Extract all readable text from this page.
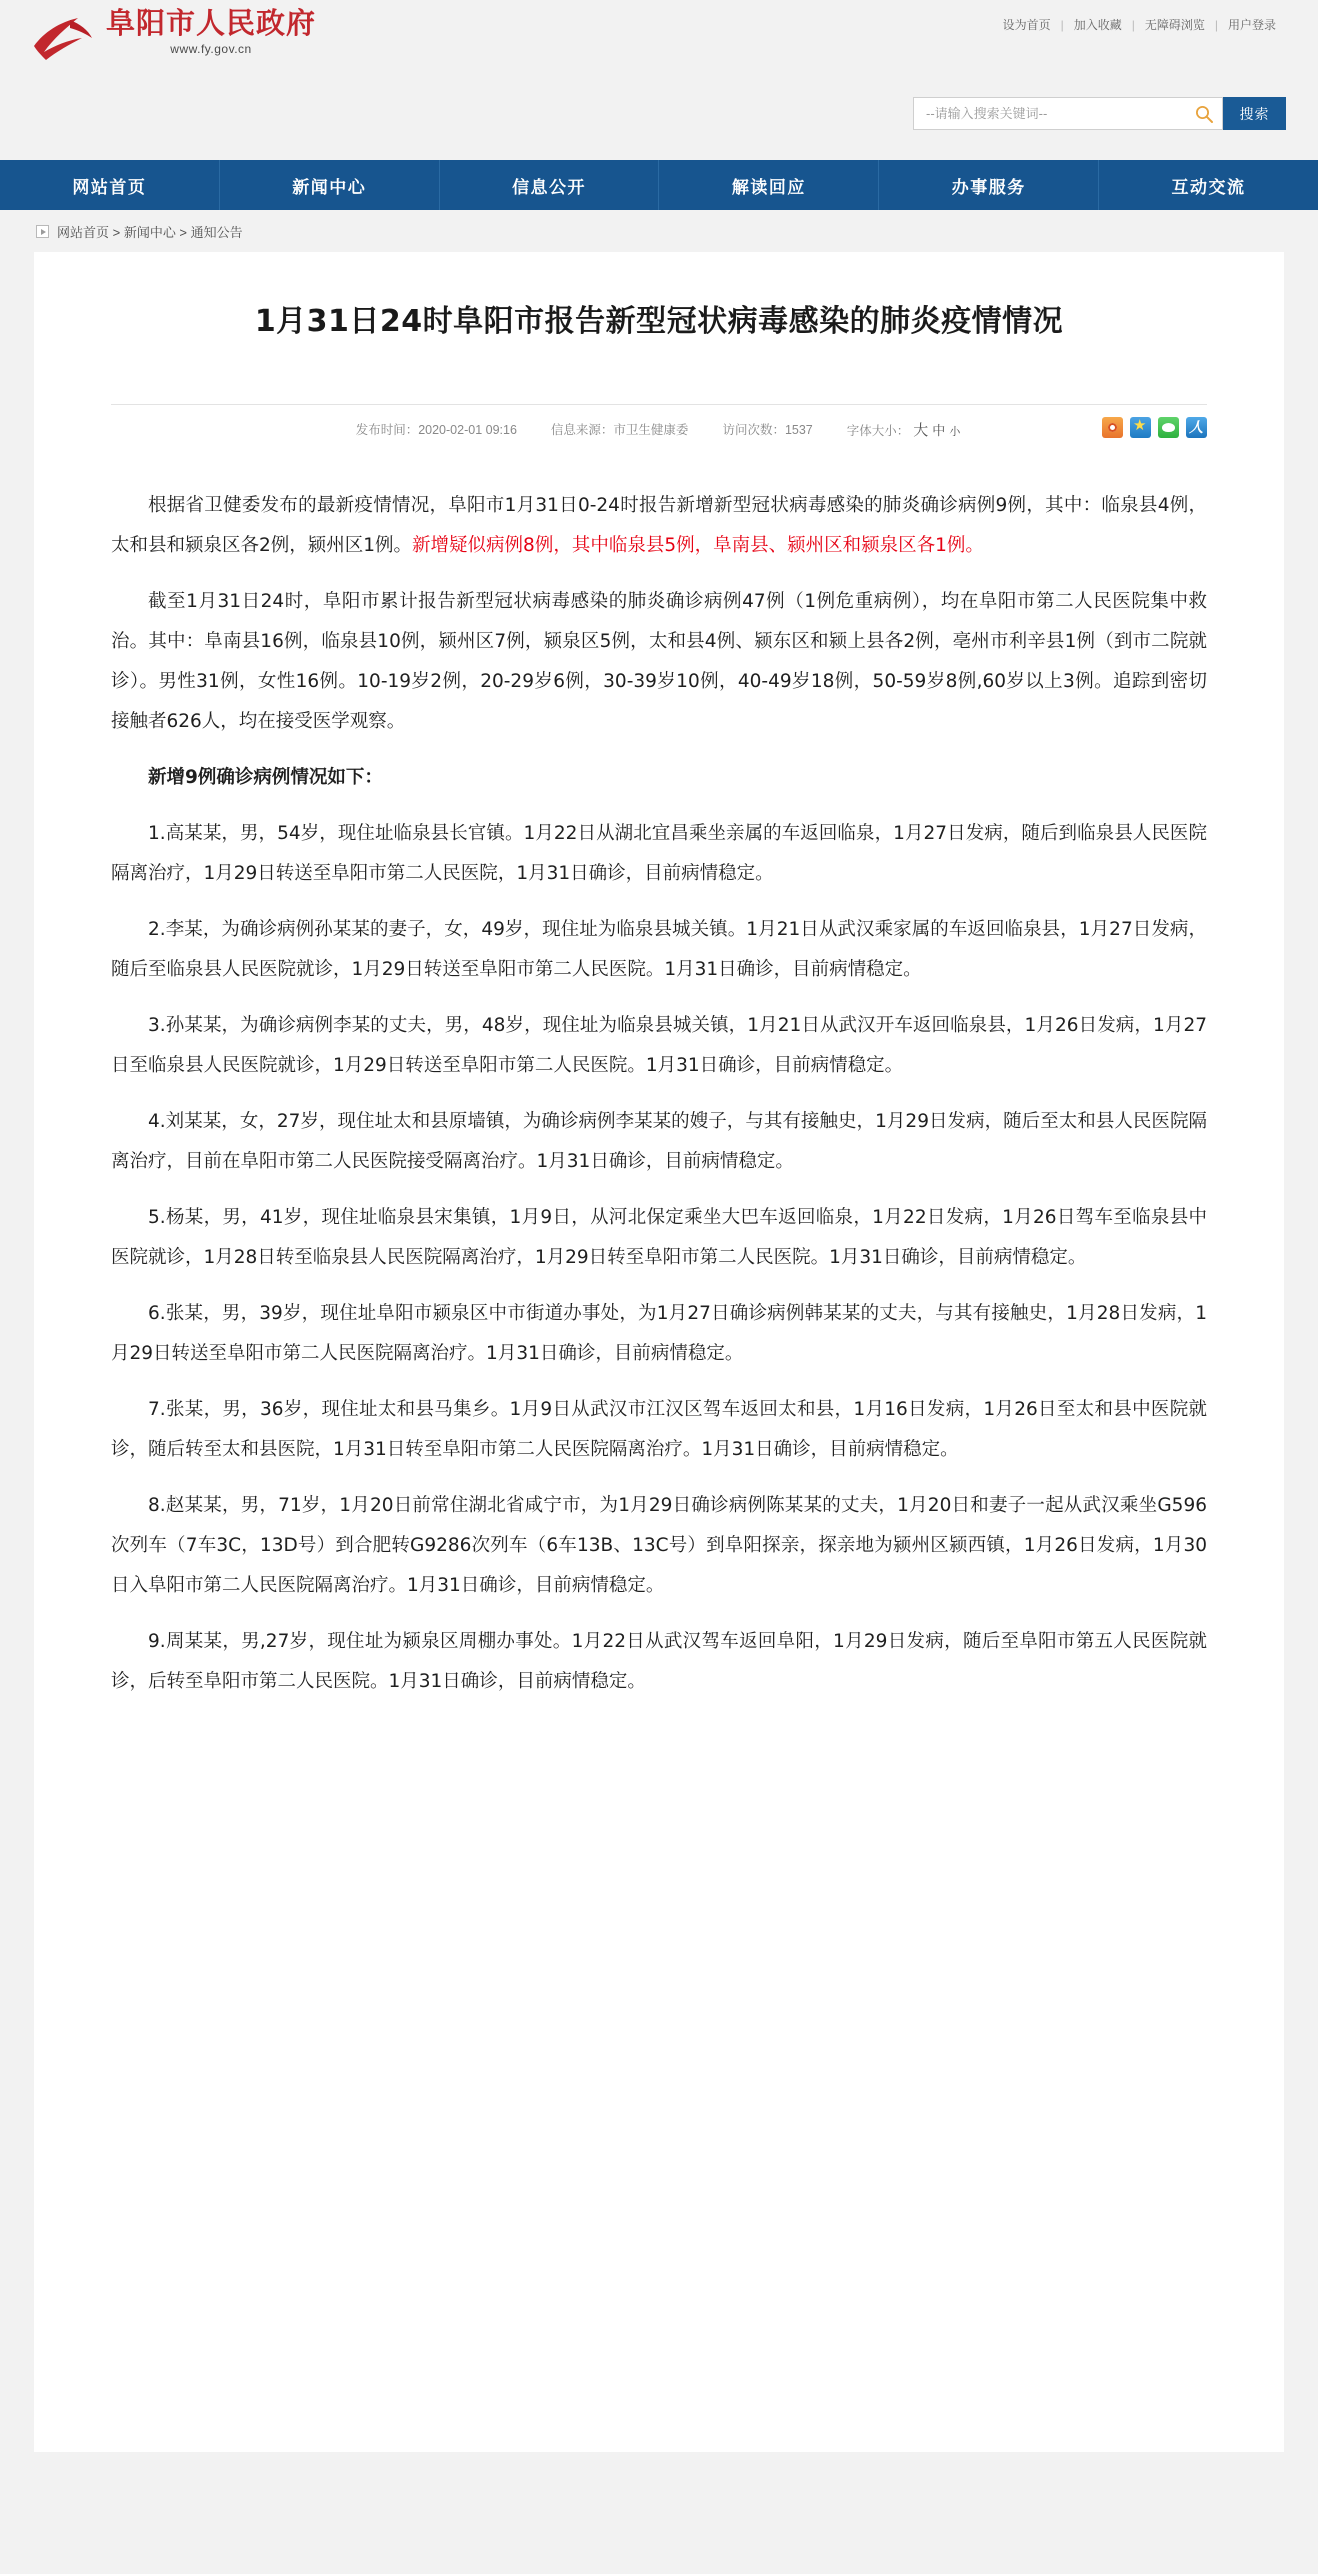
阜阳市人民政府
www.fy.gov.cn
设为首页 | 加入收藏 | 无障碍浏览 | 用户登录
--请输入搜索关键词--
搜索
网站首页	新闻中心	信息公开	解读回应	办事服务	互动交流
网站首页 > 新闻中心 > 通知公告
1月31日24时阜阳市报告新型冠状病毒感染的肺炎疫情情况
发布时间：2020-02-01 09:16	信息来源：市卫生健康委	访问次数：1537	字体大小： 大 中 小
★
人

根据省卫健委发布的最新疫情情况，阜阳市1月31日0-24时报告新增新型冠状病毒感染的肺炎确诊病例9例，其中：临泉县4例，太和县和颍泉区各2例，颍州区1例。新增疑似病例8例，其中临泉县5例，阜南县、颍州区和颍泉区各1例。

截至1月31日24时，阜阳市累计报告新型冠状病毒感染的肺炎确诊病例47例（1例危重病例），均在阜阳市第二人民医院集中救治。其中：阜南县16例，临泉县10例，颍州区7例，颍泉区5例，太和县4例、颍东区和颍上县各2例，亳州市利辛县1例（到市二院就诊）。男性31例，女性16例。10-19岁2例，20-29岁6例，30-39岁10例，40-49岁18例，50-59岁8例,60岁以上3例。追踪到密切接触者626人，均在接受医学观察。

新增9例确诊病例情况如下：

1.高某某，男，54岁，现住址临泉县长官镇。1月22日从湖北宜昌乘坐亲属的车返回临泉，1月27日发病，随后到临泉县人民医院隔离治疗，1月29日转送至阜阳市第二人民医院，1月31日确诊，目前病情稳定。

2.李某，为确诊病例孙某某的妻子，女，49岁，现住址为临泉县城关镇。1月21日从武汉乘家属的车返回临泉县，1月27日发病，随后至临泉县人民医院就诊，1月29日转送至阜阳市第二人民医院。1月31日确诊，目前病情稳定。

3.孙某某，为确诊病例李某的丈夫，男，48岁，现住址为临泉县城关镇，1月21日从武汉开车返回临泉县，1月26日发病，1月27日至临泉县人民医院就诊，1月29日转送至阜阳市第二人民医院。1月31日确诊，目前病情稳定。

4.刘某某，女，27岁，现住址太和县原墙镇，为确诊病例李某某的嫂子，与其有接触史，1月29日发病，随后至太和县人民医院隔离治疗，目前在阜阳市第二人民医院接受隔离治疗。1月31日确诊，目前病情稳定。

5.杨某，男，41岁，现住址临泉县宋集镇，1月9日，从河北保定乘坐大巴车返回临泉，1月22日发病，1月26日驾车至临泉县中医院就诊，1月28日转至临泉县人民医院隔离治疗，1月29日转至阜阳市第二人民医院。1月31日确诊，目前病情稳定。

6.张某，男，39岁，现住址阜阳市颍泉区中市街道办事处，为1月27日确诊病例韩某某的丈夫，与其有接触史，1月28日发病，1月29日转送至阜阳市第二人民医院隔离治疗。1月31日确诊，目前病情稳定。

7.张某，男，36岁，现住址太和县马集乡。1月9日从武汉市江汉区驾车返回太和县，1月16日发病，1月26日至太和县中医院就诊，随后转至太和县医院，1月31日转至阜阳市第二人民医院隔离治疗。1月31日确诊，目前病情稳定。

8.赵某某，男，71岁，1月20日前常住湖北省咸宁市，为1月29日确诊病例陈某某的丈夫，1月20日和妻子一起从武汉乘坐G596次列车（7车3C，13D号）到合肥转G9286次列车（6车13B、13C号）到阜阳探亲，探亲地为颍州区颍西镇，1月26日发病，1月30日入阜阳市第二人民医院隔离治疗。1月31日确诊，目前病情稳定。

9.周某某，男,27岁，现住址为颍泉区周棚办事处。1月22日从武汉驾车返回阜阳，1月29日发病，随后至阜阳市第五人民医院就诊，后转至阜阳市第二人民医院。1月31日确诊，目前病情稳定。
